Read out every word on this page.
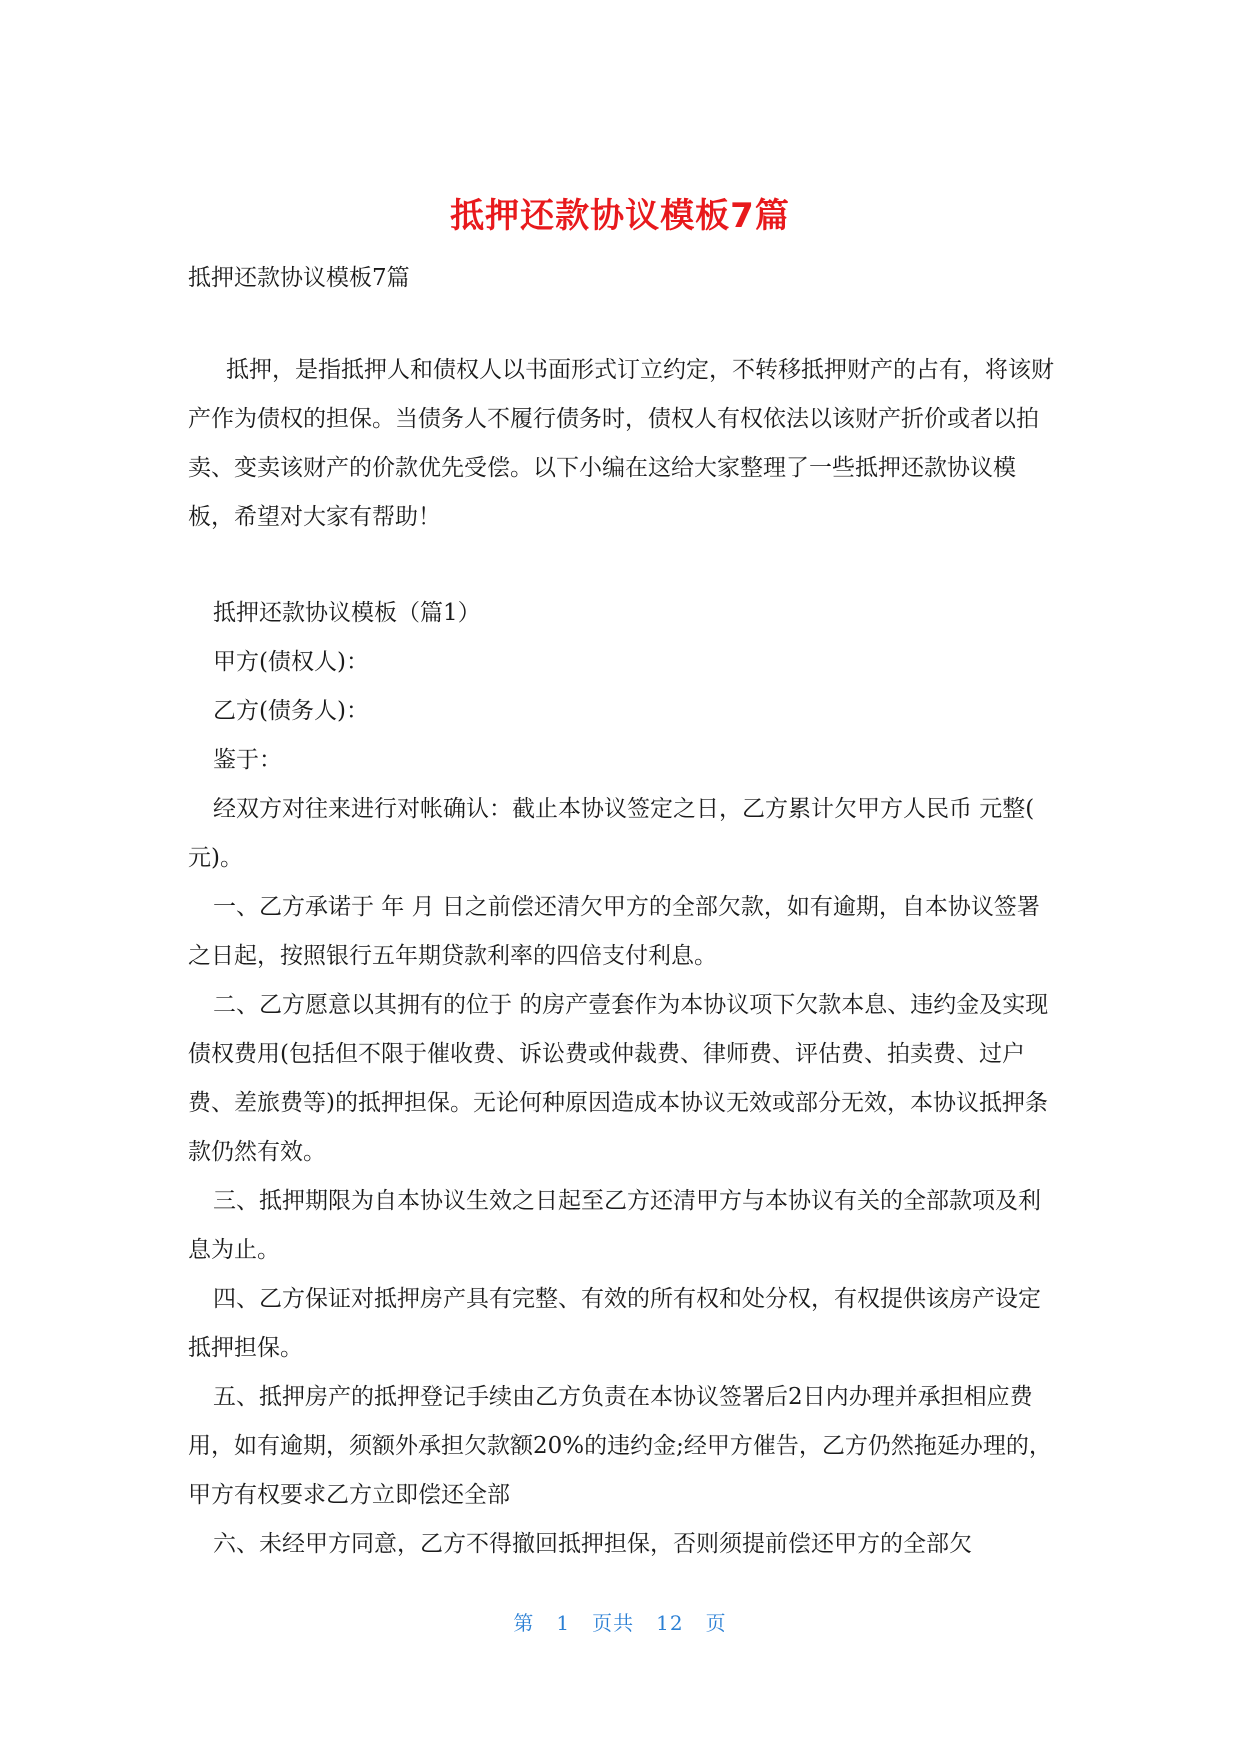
抵押还款协议模板7篇
抵押还款协议模板7篇

抵押，是指抵押人和债权人以书面形式订立约定，不转移抵押财产的占有，将该财产作为债权的担保。当债务人不履行债务时，债权人有权依法以该财产折价或者以拍卖、变卖该财产的价款优先受偿。以下小编在这给大家整理了一些抵押还款协议模板，希望对大家有帮助！

抵押还款协议模板（篇1）

甲方(债权人)：

乙方(债务人)：

鉴于：

经双方对往来进行对帐确认：截止本协议签定之日，乙方累计欠甲方人民币 元整( 元)。

一、乙方承诺于 年 月 日之前偿还清欠甲方的全部欠款，如有逾期，自本协议签署之日起，按照银行五年期贷款利率的四倍支付利息。

二、乙方愿意以其拥有的位于 的房产壹套作为本协议项下欠款本息、违约金及实现债权费用(包括但不限于催收费、诉讼费或仲裁费、律师费、评估费、拍卖费、过户费、差旅费等)的抵押担保。无论何种原因造成本协议无效或部分无效，本协议抵押条款仍然有效。

三、抵押期限为自本协议生效之日起至乙方还清甲方与本协议有关的全部款项及利息为止。

四、乙方保证对抵押房产具有完整、有效的所有权和处分权，有权提供该房产设定抵押担保。

五、抵押房产的抵押登记手续由乙方负责在本协议签署后2日内办理并承担相应费用，如有逾期，须额外承担欠款额20%的违约金;经甲方催告，乙方仍然拖延办理的，甲方有权要求乙方立即偿还全部

六、未经甲方同意，乙方不得撤回抵押担保，否则须提前偿还甲方的全部欠

第 1 页共 12 页
